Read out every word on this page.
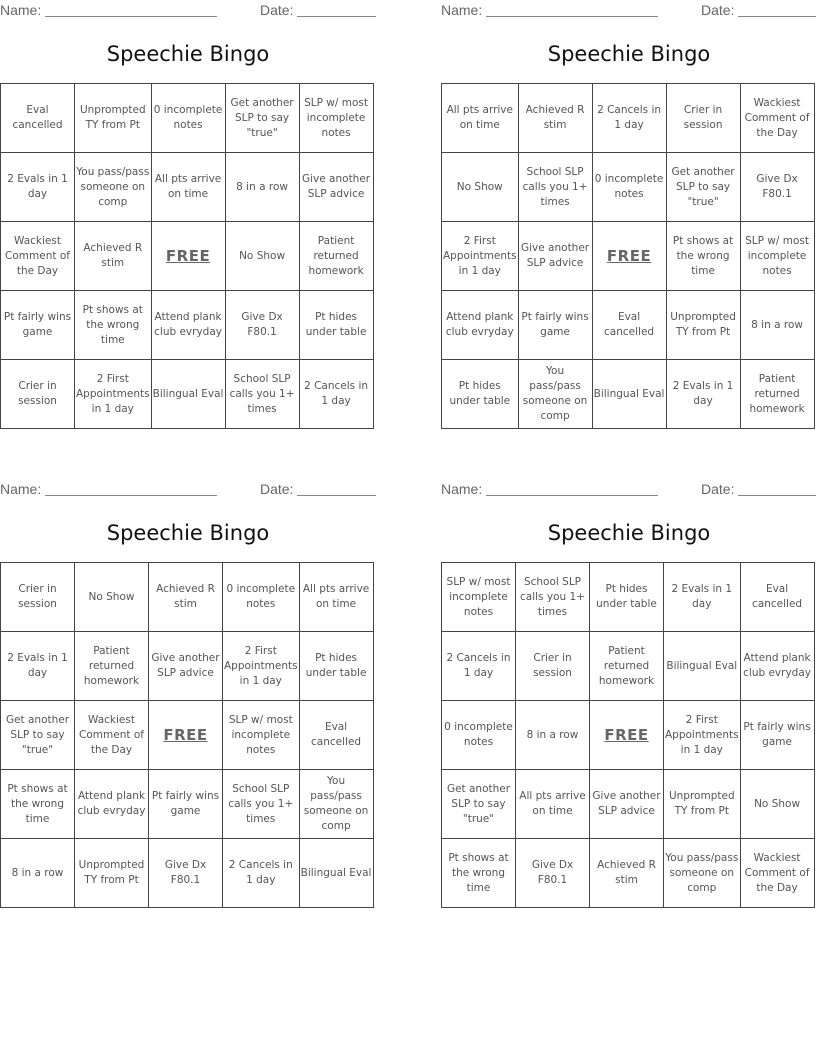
Name:	Date:
Speechie Bingo
Eval cancelled	Unprompted TY from Pt	0 incomplete notes	Get another SLP to say "true"	SLP w/ most incomplete notes
2 Evals in 1 day	You pass/pass someone on comp	All pts arrive on time	8 in a row	Give another SLP advice
Wackiest Comment of the Day	Achieved R stim	FREE	No Show	Patient returned homework
Pt fairly wins game	Pt shows at the wrong time	Attend plank club evryday	Give Dx F80.1	Pt hides under table
Crier in session	2 First Appointments in 1 day	Bilingual Eval	School SLP calls you 1+ times	2 Cancels in 1 day
Name:	Date:
Speechie Bingo
All pts arrive on time	Achieved R stim	2 Cancels in 1 day	Crier in session	Wackiest Comment of the Day
No Show	School SLP calls you 1+ times	0 incomplete notes	Get another SLP to say "true"	Give Dx F80.1
2 First Appointments in 1 day	Give another SLP advice	FREE	Pt shows at the wrong time	SLP w/ most incomplete notes
Attend plank club evryday	Pt fairly wins game	Eval cancelled	Unprompted TY from Pt	8 in a row
Pt hides under table	You pass/pass someone on comp	Bilingual Eval	2 Evals in 1 day	Patient returned homework
Name:	Date:
Speechie Bingo
Crier in session	No Show	Achieved R stim	0 incomplete notes	All pts arrive on time
2 Evals in 1 day	Patient returned homework	Give another SLP advice	2 First Appointments in 1 day	Pt hides under table
Get another SLP to say "true"	Wackiest Comment of the Day	FREE	SLP w/ most incomplete notes	Eval cancelled
Pt shows at the wrong time	Attend plank club evryday	Pt fairly wins game	School SLP calls you 1+ times	You pass/pass someone on comp
8 in a row	Unprompted TY from Pt	Give Dx F80.1	2 Cancels in 1 day	Bilingual Eval
Name:	Date:
Speechie Bingo
SLP w/ most incomplete notes	School SLP calls you 1+ times	Pt hides under table	2 Evals in 1 day	Eval cancelled
2 Cancels in 1 day	Crier in session	Patient returned homework	Bilingual Eval	Attend plank club evryday
0 incomplete notes	8 in a row	FREE	2 First Appointments in 1 day	Pt fairly wins game
Get another SLP to say "true"	All pts arrive on time	Give another SLP advice	Unprompted TY from Pt	No Show
Pt shows at the wrong time	Give Dx F80.1	Achieved R stim	You pass/pass someone on comp	Wackiest Comment of the Day
